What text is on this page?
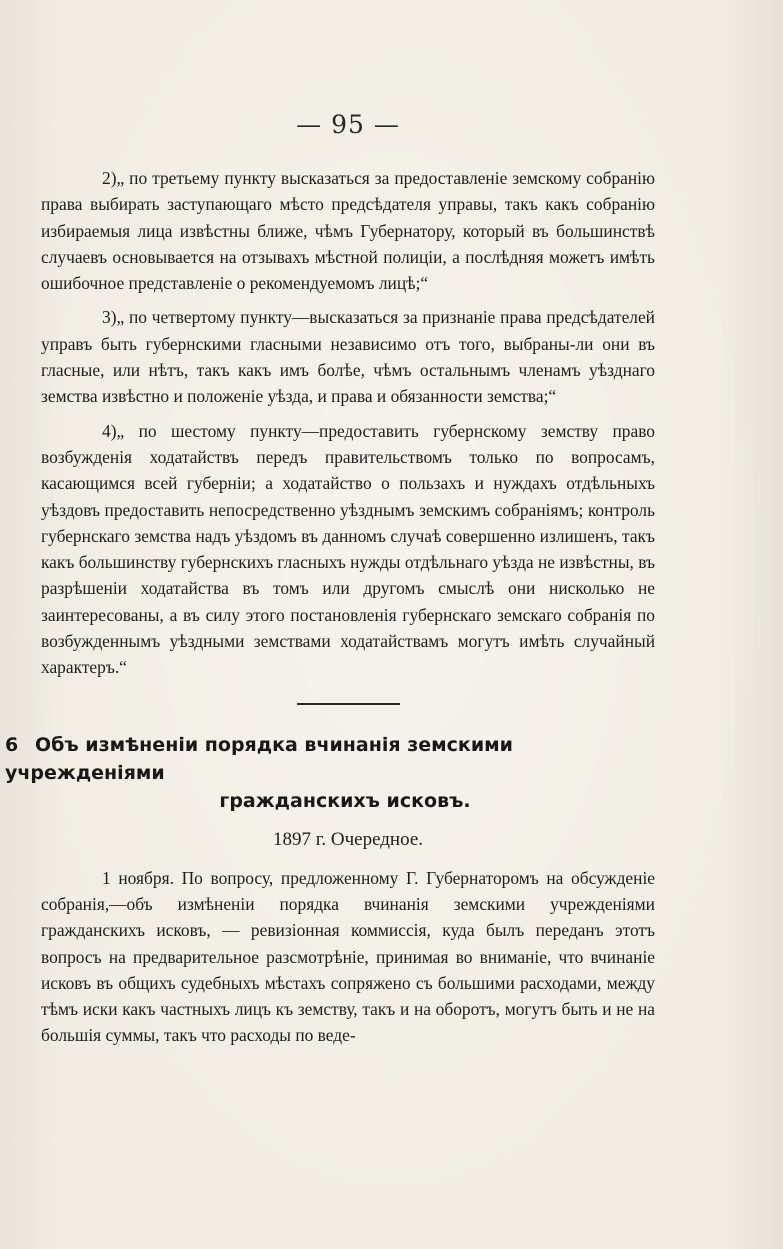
— 95 —

2)„ по третьему пункту высказаться за предоставленіе земскому собранію права выбирать заступающаго мѣсто предсѣдателя управы, такъ какъ собранію избираемыя лица извѣстны ближе, чѣмъ Губернатору, который въ большинствѣ случаевъ основывается на отзывахъ мѣстной полиціи, а послѣдняя можетъ имѣть ошибочное представленіе о рекомендуемомъ лицѣ;“

3)„ по четвертому пункту—высказаться за признаніе права предсѣдателей управъ быть губернскими гласными независимо отъ того, выбраны-ли они въ гласные, или нѣтъ, такъ какъ имъ болѣе, чѣмъ остальнымъ членамъ уѣзднаго земства извѣстно и положеніе уѣзда, и права и обязанности земства;“

4)„ по шестому пункту—предоставить губернскому земству право возбужденія ходатайствъ передъ правительствомъ только по вопросамъ, касающимся всей губерніи; а ходатайство о пользахъ и нуждахъ отдѣльныхъ уѣздовъ предоставить непосредственно уѣзднымъ земскимъ собраніямъ; контроль губернскаго земства надъ уѣздомъ въ данномъ случаѣ совершенно излишенъ, такъ какъ большинству губернскихъ гласныхъ нужды отдѣльнаго уѣзда не извѣстны, въ разрѣшеніи ходатайства въ томъ или другомъ смыслѣ они нисколько не заинтересованы, а въ силу этого постановленія губернскаго земскаго собранія по возбужденнымъ уѣздными земствами ходатайствамъ могутъ имѣть случайный характеръ.“

6 Объ измѣненіи порядка вчинанія земскими учрежденіями
гражданскихъ исковъ.
1897 г. Очередное.

1 ноября. По вопросу, предложенному Г. Губернаторомъ на обсужденіе собранія,—объ измѣненіи порядка вчинанія земскими учрежденіями гражданскихъ исковъ, — ревизіонная коммиссія, куда былъ переданъ этотъ вопросъ на предварительное разсмотрѣніе, принимая во вниманіе, что вчинаніе исковъ въ общихъ судебныхъ мѣстахъ сопряжено съ большими расходами, между тѣмъ иски какъ частныхъ лицъ къ земству, такъ и на оборотъ, могутъ быть и не на большія суммы, такъ что расходы по веде-
